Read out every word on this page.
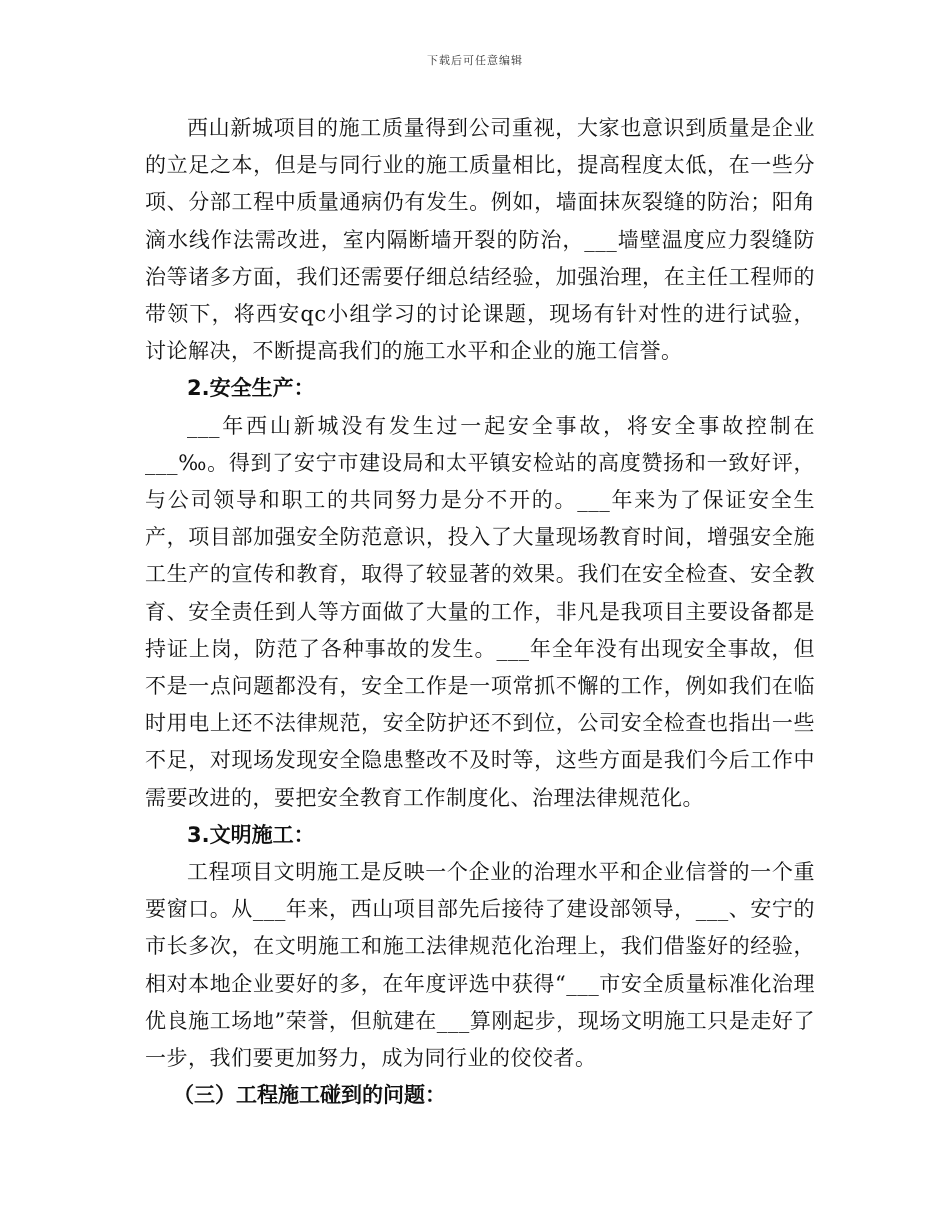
下载后可任意编辑

西山新城项目的施工质量得到公司重视，大家也意识到质量是企业的立足之本，但是与同行业的施工质量相比，提高程度太低，在一些分项、分部工程中质量通病仍有发生。例如，墙面抹灰裂缝的防治；阳角滴水线作法需改进，室内隔断墙开裂的防治，___墙壁温度应力裂缝防治等诸多方面，我们还需要仔细总结经验，加强治理，在主任工程师的带领下，将西安qc小组学习的讨论课题，现场有针对性的进行试验，讨论解决，不断提高我们的施工水平和企业的施工信誉。

2.安全生产：

___年西山新城没有发生过一起安全事故，将安全事故控制在___‰。得到了安宁市建设局和太平镇安检站的高度赞扬和一致好评，与公司领导和职工的共同努力是分不开的。___年来为了保证安全生产，项目部加强安全防范意识，投入了大量现场教育时间，增强安全施工生产的宣传和教育，取得了较显著的效果。我们在安全检查、安全教育、安全责任到人等方面做了大量的工作，非凡是我项目主要设备都是持证上岗，防范了各种事故的发生。___年全年没有出现安全事故，但不是一点问题都没有，安全工作是一项常抓不懈的工作，例如我们在临时用电上还不法律规范，安全防护还不到位，公司安全检查也指出一些不足，对现场发现安全隐患整改不及时等，这些方面是我们今后工作中需要改进的，要把安全教育工作制度化、治理法律规范化。

3.文明施工：

工程项目文明施工是反映一个企业的治理水平和企业信誉的一个重要窗口。从___年来，西山项目部先后接待了建设部领导，___、安宁的市长多次，在文明施工和施工法律规范化治理上，我们借鉴好的经验，相对本地企业要好的多，在年度评选中获得“___市安全质量标准化治理优良施工场地”荣誉，但航建在___算刚起步，现场文明施工只是走好了一步，我们要更加努力，成为同行业的佼佼者。

（三）工程施工碰到的问题：
